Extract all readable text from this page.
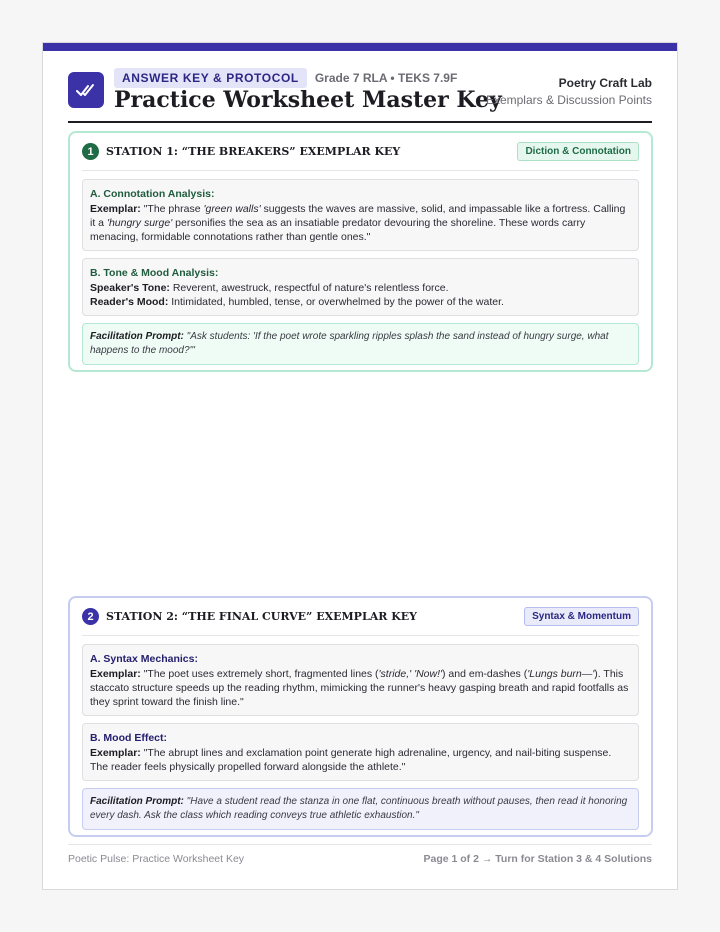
ANSWER KEY & PROTOCOL	Grade 7 RLA • TEKS 7.9F
Practice Worksheet Master Key
Poetry Craft Lab
Exemplars & Discussion Points
1	STATION 1: “THE BREAKERS” EXEMPLAR KEY	Diction & Connotation
A. Connotation Analysis:
Exemplar: "The phrase 'green walls' suggests the waves are massive, solid, and impassable like a fortress. Calling it a 'hungry surge' personifies the sea as an insatiable predator devouring the shoreline. These words carry menacing, formidable connotations rather than gentle ones."
B. Tone & Mood Analysis:
Speaker's Tone: Reverent, awestruck, respectful of nature's relentless force.
Reader's Mood: Intimidated, humbled, tense, or overwhelmed by the power of the water.
Facilitation Prompt: "Ask students: 'If the poet wrote sparkling ripples splash the sand instead of hungry surge, what happens to the mood?'"
2	STATION 2: “THE FINAL CURVE” EXEMPLAR KEY	Syntax & Momentum
A. Syntax Mechanics:
Exemplar: "The poet uses extremely short, fragmented lines ('stride,' 'Now!') and em-dashes ('Lungs burn—'). This staccato structure speeds up the reading rhythm, mimicking the runner's heavy gasping breath and rapid footfalls as they sprint toward the finish line."
B. Mood Effect:
Exemplar: "The abrupt lines and exclamation point generate high adrenaline, urgency, and nail-biting suspense. The reader feels physically propelled forward alongside the athlete."
Facilitation Prompt: "Have a student read the stanza in one flat, continuous breath without pauses, then read it honoring every dash. Ask the class which reading conveys true athletic exhaustion."
Poetic Pulse: Practice Worksheet Key	Page 1 of 2 → Turn for Station 3 & 4 Solutions
